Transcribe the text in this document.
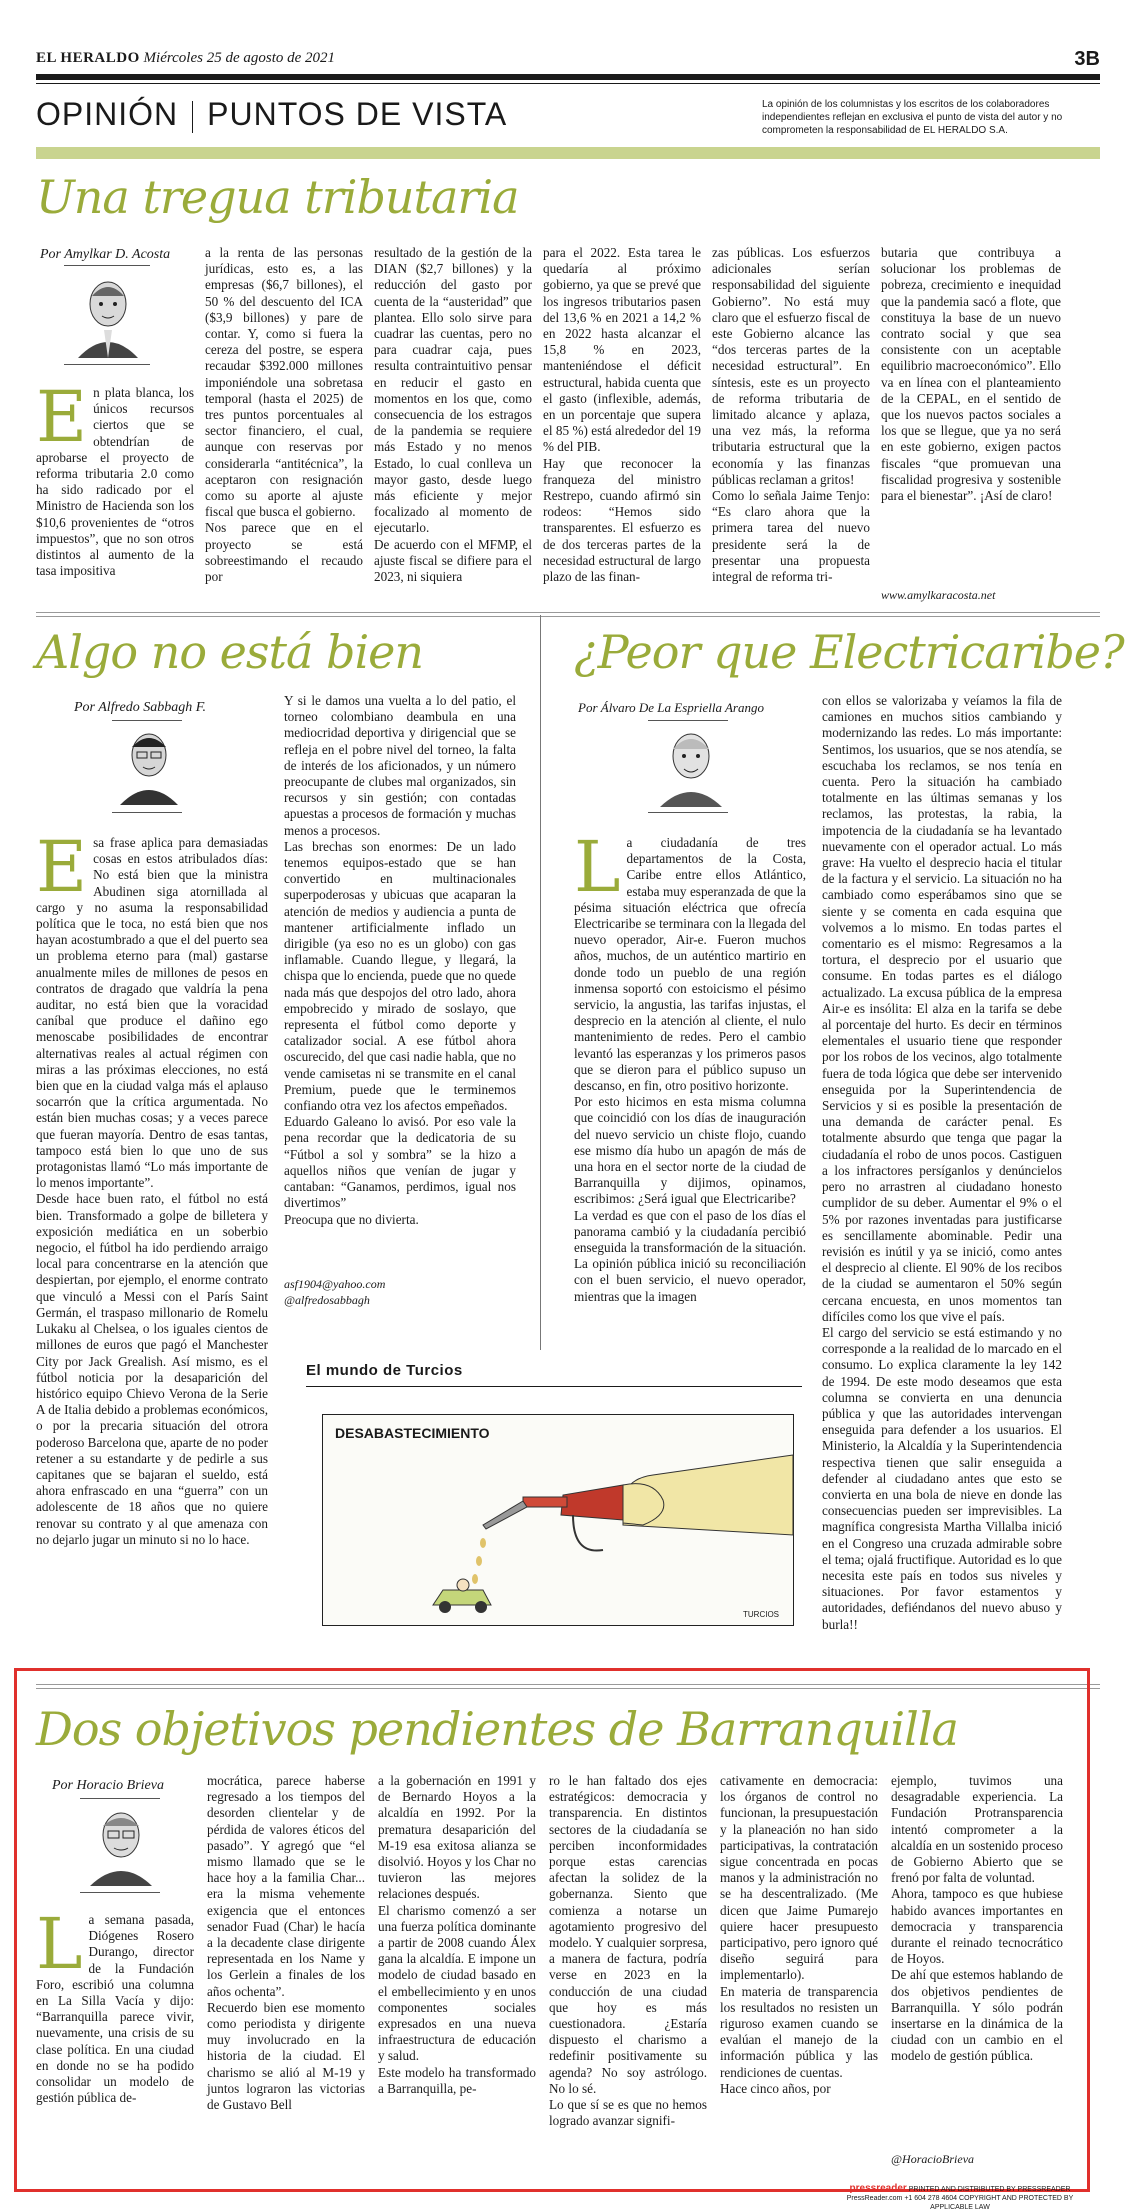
EL HERALDO Miércoles 25 de agosto de 2021	3B
OPINIÓN PUNTOS DE VISTA	La opinión de los columnistas y los escritos de los colaboradores independientes reflejan en exclusiva el punto de vista del autor y no comprometen la responsabilidad de EL HERALDO S.A.
Una tregua tributaria
Por Amylkar D. Acosta
En plata blanca, los únicos recursos ciertos que se obtendrían de aprobarse el proyecto de reforma tributaria 2.0 como ha sido radicado por el Ministro de Hacienda son los $10,6 provenientes de “otros impuestos”, que no son otros distintos al aumento de la tasa impositiva

a la renta de las personas jurídicas, esto es, a las empresas ($6,7 billones), el 50 % del descuento del ICA ($3,9 billones) y pare de contar. Y, como si fuera la cereza del postre, se espera recaudar $392.000 millones imponiéndole una sobretasa temporal (hasta el 2025) de tres puntos porcentuales al sector financiero, el cual, aunque con reservas por considerarla “antitécnica”, la aceptaron con resignación como su aporte al ajuste fiscal que busca el gobierno.
Nos parece que en el proyecto se está sobreestimando el recaudo por

resultado de la gestión de la DIAN ($2,7 billones) y la reducción del gasto por cuenta de la “austeridad” que plantea. Ello solo sirve para cuadrar las cuentas, pero no para cuadrar caja, pues resulta contraintuitivo pensar en reducir el gasto en momentos en los que, como consecuencia de los estragos de la pandemia se requiere más Estado y no menos Estado, lo cual conlleva un mayor gasto, desde luego más eficiente y mejor focalizado al momento de ejecutarlo.
De acuerdo con el MFMP, el ajuste fiscal se difiere para el 2023, ni siquiera

para el 2022. Esta tarea le quedaría al próximo gobierno, ya que se prevé que los ingresos tributarios pasen del 13,6 % en 2021 a 14,2 % en 2022 hasta alcanzar el 15,8 % en 2023, manteniéndose el déficit estructural, habida cuenta que el gasto (inflexible, además, en un porcentaje que supera el 85 %) está alrededor del 19 % del PIB.
Hay que reconocer la franqueza del ministro Restrepo, cuando afirmó sin rodeos: “Hemos sido transparentes. El esfuerzo es de dos terceras partes de la necesidad estructural de largo plazo de las finan-

zas públicas. Los esfuerzos adicionales serían responsabilidad del siguiente Gobierno”. No está muy claro que el esfuerzo fiscal de este Gobierno alcance las “dos terceras partes de la necesidad estructural”. En síntesis, este es un proyecto de reforma tributaria de limitado alcance y aplaza, una vez más, la reforma tributaria estructural que la economía y las finanzas públicas reclaman a gritos!
Como lo señala Jaime Tenjo: “Es claro ahora que la primera tarea del nuevo presidente será la de presentar una propuesta integral de reforma tri-

butaria que contribuya a solucionar los problemas de pobreza, crecimiento e inequidad que la pandemia sacó a flote, que constituya la base de un nuevo contrato social y que sea consistente con un aceptable equilibrio macroeconómico”. Ello va en línea con el planteamiento de la CEPAL, en el sentido de que los nuevos pactos sociales a los que se llegue, que ya no será en este gobierno, exigen pactos fiscales “que promuevan una fiscalidad progresiva y sostenible para el bienestar”. ¡Así de claro!

www.amylkaracosta.net
Algo no está bien
Por Alfredo Sabbagh F.
Esa frase aplica para demasiadas cosas en estos atribulados días: No está bien que la ministra Abudinen siga atornillada al cargo y no asuma la responsabilidad política que le toca, no está bien que nos hayan acostumbrado a que el del puerto sea un problema eterno para (mal) gastarse anualmente miles de millones de pesos en contratos de dragado que valdría la pena auditar, no está bien que la voracidad caníbal que produce el dañino ego menoscabe posibilidades de encontrar alternativas reales al actual régimen con miras a las próximas elecciones, no está bien que en la ciudad valga más el aplauso socarrón que la crítica argumentada. No están bien muchas cosas; y a veces parece que fueran mayoría. Dentro de esas tantas, tampoco está bien lo que uno de sus protagonistas llamó “Lo más importante de lo menos importante”.
Desde hace buen rato, el fútbol no está bien. Transformado a golpe de billetera y exposición mediática en un soberbio negocio, el fútbol ha ido perdiendo arraigo local para concentrarse en la atención que despiertan, por ejemplo, el enorme contrato que vinculó a Messi con el París Saint Germán, el traspaso millonario de Romelu Lukaku al Chelsea, o los iguales cientos de millones de euros que pagó el Manchester City por Jack Grealish. Así mismo, es el fútbol noticia por la desaparición del histórico equipo Chievo Verona de la Serie A de Italia debido a problemas económicos, o por la precaria situación del otrora poderoso Barcelona que, aparte de no poder retener a su estandarte y de pedirle a sus capitanes que se bajaran el sueldo, está ahora enfrascado en una “guerra” con un adolescente de 18 años que no quiere renovar su contrato y al que amenaza con no dejarlo jugar un minuto si no lo hace.

Y si le damos una vuelta a lo del patio, el torneo colombiano deambula en una mediocridad deportiva y dirigencial que se refleja en el pobre nivel del torneo, la falta de interés de los aficionados, y un número preocupante de clubes mal organizados, sin recursos y sin gestión; con contadas apuestas a procesos de formación y muchas menos a procesos.
Las brechas son enormes: De un lado tenemos equipos-estado que se han convertido en multinacionales superpoderosas y ubicuas que acaparan la atención de medios y audiencia a punta de mantener artificialmente inflado un dirigible (ya eso no es un globo) con gas inflamable. Cuando llegue, y llegará, la chispa que lo encienda, puede que no quede nada más que despojos del otro lado, ahora empobrecido y mirado de soslayo, que representa el fútbol como deporte y catalizador social. A ese fútbol ahora oscurecido, del que casi nadie habla, que no vende camisetas ni se transmite en el canal Premium, puede que le terminemos confiando otra vez los afectos empeñados.
Eduardo Galeano lo avisó. Por eso vale la pena recordar que la dedicatoria de su “Fútbol a sol y sombra” se la hizo a aquellos niños que venían de jugar y cantaban: “Ganamos, perdimos, igual nos divertimos”
Preocupa que no divierta.

asf1904@yahoo.com
@alfredosabbagh
¿Peor que Electricaribe?
Por Álvaro De La Espriella Arango
La ciudadanía de tres departamentos de la Costa, Caribe entre ellos Atlántico, estaba muy esperanzada de que la pésima situación eléctrica que ofrecía Electricaribe se terminara con la llegada del nuevo operador, Air-e. Fueron muchos años, muchos, de un auténtico martirio en donde todo un pueblo de una región inmensa soportó con estoicismo el pésimo servicio, la angustia, las tarifas injustas, el desprecio en la atención al cliente, el nulo mantenimiento de redes. Pero el cambio levantó las esperanzas y los primeros pasos que se dieron para el público supuso un descanso, en fin, otro positivo horizonte.
Por esto hicimos en esta misma columna que coincidió con los días de inauguración del nuevo servicio un chiste flojo, cuando ese mismo día hubo un apagón de más de una hora en el sector norte de la ciudad de Barranquilla y dijimos, opinamos, escribimos: ¿Será igual que Electricaribe?
La verdad es que con el paso de los días el panorama cambió y la ciudadanía percibió enseguida la transformación de la situación. La opinión pública inició su reconciliación con el buen servicio, el nuevo operador, mientras que la imagen

con ellos se valorizaba y veíamos la fila de camiones en muchos sitios cambiando y modernizando las redes. Lo más importante: Sentimos, los usuarios, que se nos atendía, se escuchaba los reclamos, se nos tenía en cuenta. Pero la situación ha cambiado totalmente en las últimas semanas y los reclamos, las protestas, la rabia, la impotencia de la ciudadanía se ha levantado nuevamente con el operador actual. Lo más grave: Ha vuelto el desprecio hacia el titular de la factura y el servicio. La situación no ha cambiado como esperábamos sino que se siente y se comenta en cada esquina que volvemos a lo mismo. En todas partes el comentario es el mismo: Regresamos a la tortura, el desprecio por el usuario que consume. En todas partes es el diálogo actualizado. La excusa pública de la empresa Air-e es insólita: El alza en la tarifa se debe al porcentaje del hurto. Es decir en términos elementales el usuario tiene que responder por los robos de los vecinos, algo totalmente fuera de toda lógica que debe ser intervenido enseguida por la Superintendencia de Servicios y si es posible la presentación de una demanda de carácter penal. Es totalmente absurdo que tenga que pagar la ciudadanía el robo de unos pocos. Castiguen a los infractores persíganlos y denúncielos pero no arrastren al ciudadano honesto cumplidor de su deber. Aumentar el 9% o el 5% por razones inventadas para justificarse es sencillamente abominable. Pedir una revisión es inútil y ya se inició, como antes el desprecio al cliente. El 90% de los recibos de la ciudad se aumentaron el 50% según cercana encuesta, en unos momentos tan difíciles como los que vive el país.
El cargo del servicio se está estimando y no corresponde a la realidad de lo marcado en el consumo. Lo explica claramente la ley 142 de 1994. De este modo deseamos que esta columna se convierta en una denuncia pública y que las autoridades intervengan enseguida para defender a los usuarios. El Ministerio, la Alcaldía y la Superintendencia respectiva tienen que salir enseguida a defender al ciudadano antes que esto se convierta en una bola de nieve en donde las consecuencias pueden ser imprevisibles. La magnífica congresista Martha Villalba inició en el Congreso una cruzada admirable sobre el tema; ojalá fructifique. Autoridad es lo que necesita este país en todos sus niveles y situaciones. Por favor estamentos y autoridades, defiéndanos del nuevo abuso y burla!!

El mundo de Turcios
DESABASTECIMIENTO
TURCIOS
Dos objetivos pendientes de Barranquilla
Por Horacio Brieva
La semana pasada, Diógenes Rosero Durango, director de la Fundación Foro, escribió una columna en La Silla Vacía y dijo: “Barranquilla parece vivir, nuevamente, una crisis de su clase política. En una ciudad en donde no se ha podido consolidar un modelo de gestión pública de-

mocrática, parece haberse regresado a los tiempos del desorden clientelar y de pérdida de valores éticos del pasado”. Y agregó que “el mismo llamado que se le hace hoy a la familia Char... era la misma vehemente exigencia que el entonces senador Fuad (Char) le hacía a la decadente clase dirigente representada en los Name y los Gerlein a finales de los años ochenta”.
Recuerdo bien ese momento como periodista y dirigente muy involucrado en la historia de la ciudad. El charismo se alió al M-19 y juntos lograron las victorias de Gustavo Bell

a la gobernación en 1991 y de Bernardo Hoyos a la alcaldía en 1992. Por la prematura desaparición del M-19 esa exitosa alianza se disolvió. Hoyos y los Char no tuvieron las mejores relaciones después.
El charismo comenzó a ser una fuerza política dominante a partir de 2008 cuando Álex gana la alcaldía. E impone un modelo de ciudad basado en el embellecimiento y en unos componentes sociales expresados en una nueva infraestructura de educación y salud.
Este modelo ha transformado a Barranquilla, pe-

ro le han faltado dos ejes estratégicos: democracia y transparencia. En distintos sectores de la ciudadanía se perciben inconformidades porque estas carencias afectan la solidez de la gobernanza. Siento que comienza a notarse un agotamiento progresivo del modelo. Y cualquier sorpresa, a manera de factura, podría verse en 2023 en la conducción de una ciudad que hoy es más cuestionadora. ¿Estaría dispuesto el charismo a redefinir positivamente su agenda? No soy astrólogo. No lo sé.
Lo que sí se es que no hemos logrado avanzar signifi-

cativamente en democracia: los órganos de control no funcionan, la presupuestación y la planeación no han sido participativas, la contratación sigue concentrada en pocas manos y la administración no se ha descentralizado. (Me dicen que Jaime Pumarejo quiere hacer presupuesto participativo, pero ignoro qué diseño seguirá para implementarlo).
En materia de transparencia los resultados no resisten un riguroso examen cuando se evalúan el manejo de la información pública y las rendiciones de cuentas.
Hace cinco años, por

ejemplo, tuvimos una desagradable experiencia. La Fundación Protransparencia intentó comprometer a la alcaldía en un sostenido proceso de Gobierno Abierto que se frenó por falta de voluntad.
Ahora, tampoco es que hubiese habido avances importantes en democracia y transparencia durante el reinado tecnocrático de Hoyos.
De ahí que estemos hablando de dos objetivos pendientes de Barranquilla. Y sólo podrán insertarse en la dinámica de la ciudad con un cambio en el modelo de gestión pública.

@HoracioBrieva
pressreader PRINTED AND DISTRIBUTED BY PRESSREADER PressReader.com +1 604 278 4604 COPYRIGHT AND PROTECTED BY APPLICABLE LAW
